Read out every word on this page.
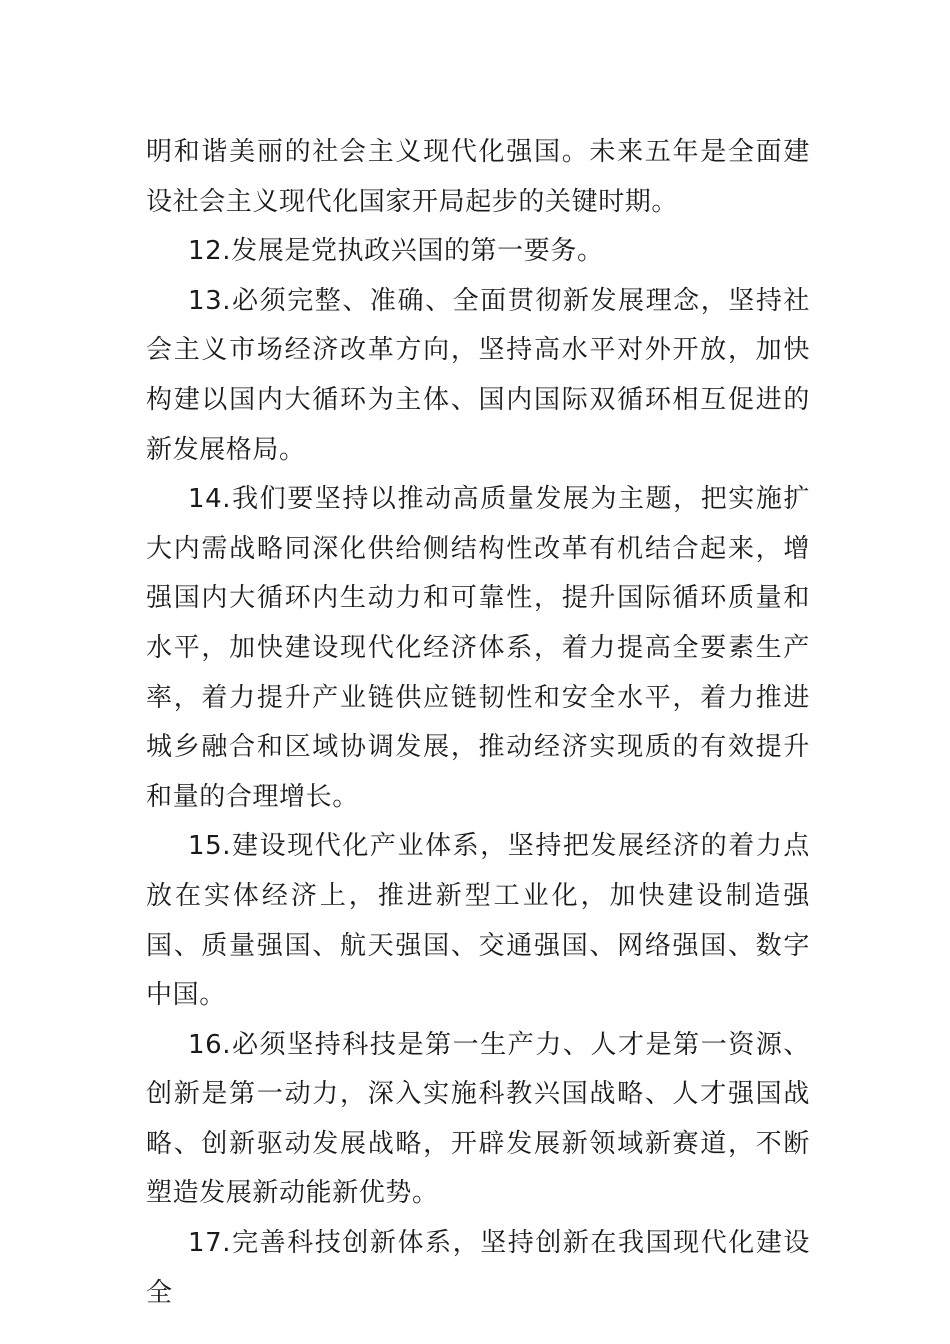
明和谐美丽的社会主义现代化强国。未来五年是全面建设社会主义现代化国家开局起步的关键时期。

12.发展是党执政兴国的第一要务。

13.必须完整、准确、全面贯彻新发展理念，坚持社会主义市场经济改革方向，坚持高水平对外开放，加快构建以国内大循环为主体、国内国际双循环相互促进的新发展格局。

14.我们要坚持以推动高质量发展为主题，把实施扩大内需战略同深化供给侧结构性改革有机结合起来，增强国内大循环内生动力和可靠性，提升国际循环质量和水平，加快建设现代化经济体系，着力提高全要素生产率，着力提升产业链供应链韧性和安全水平，着力推进城乡融合和区域协调发展，推动经济实现质的有效提升和量的合理增长。

15.建设现代化产业体系，坚持把发展经济的着力点放在实体经济上，推进新型工业化，加快建设制造强国、质量强国、航天强国、交通强国、网络强国、数字中国。

16.必须坚持科技是第一生产力、人才是第一资源、创新是第一动力，深入实施科教兴国战略、人才强国战略、创新驱动发展战略，开辟发展新领域新赛道，不断塑造发展新动能新优势。

17.完善科技创新体系，坚持创新在我国现代化建设全
